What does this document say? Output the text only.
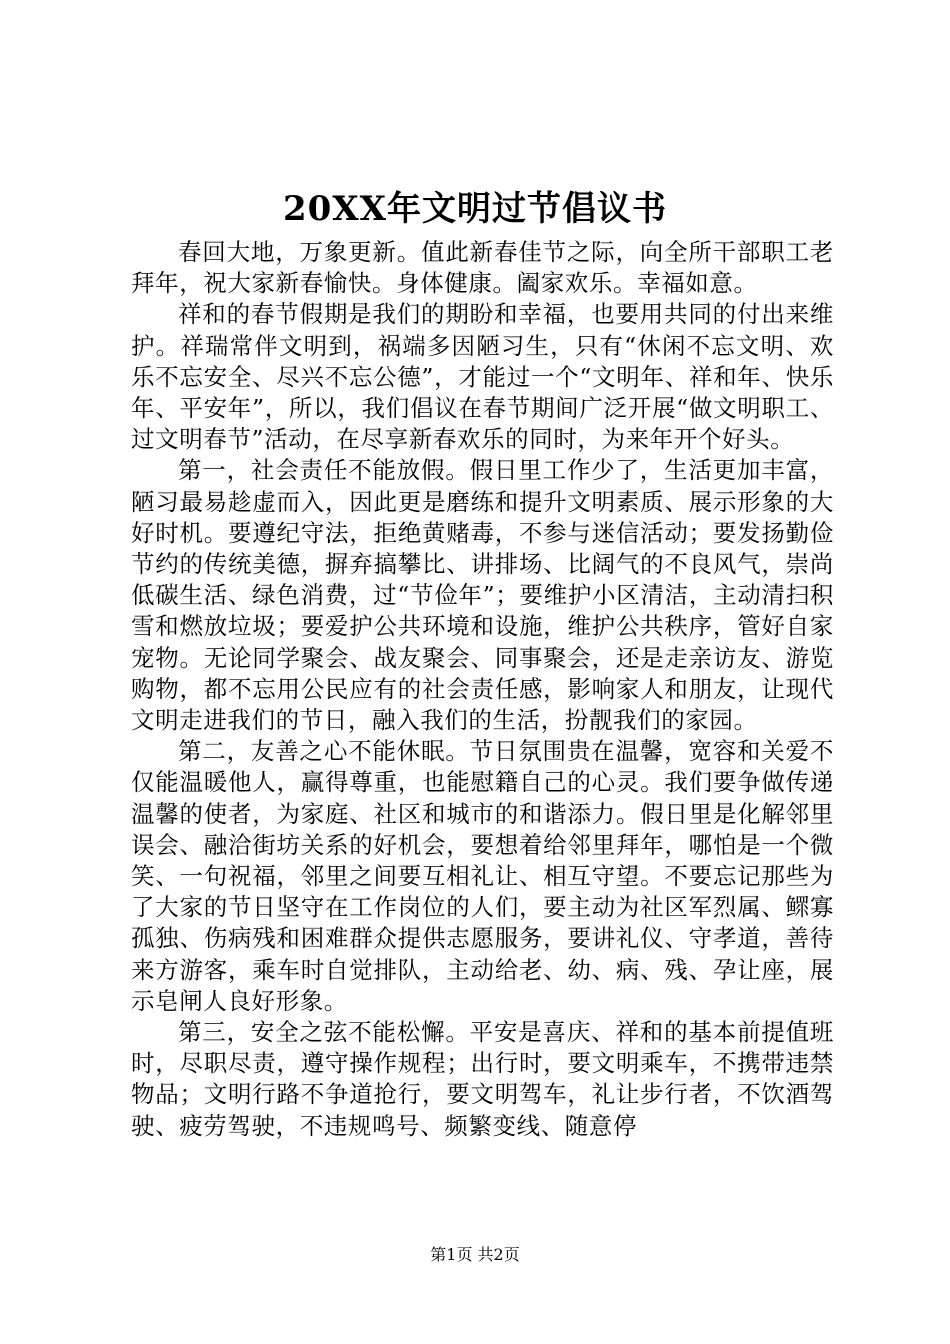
20XX年文明过节倡议书

春回大地，万象更新。值此新春佳节之际，向全所干部职工老拜年，祝大家新春愉快。身体健康。阖家欢乐。幸福如意。

祥和的春节假期是我们的期盼和幸福，也要用共同的付出来维护。祥瑞常伴文明到，祸端多因陋习生，只有“休闲不忘文明、欢乐不忘安全、尽兴不忘公德”，才能过一个“文明年、祥和年、快乐年、平安年”，所以，我们倡议在春节期间广泛开展“做文明职工、过文明春节”活动，在尽享新春欢乐的同时，为来年开个好头。

第一，社会责任不能放假。假日里工作少了，生活更加丰富，陋习最易趁虚而入，因此更是磨练和提升文明素质、展示形象的大好时机。要遵纪守法，拒绝黄赌毒，不参与迷信活动；要发扬勤俭节约的传统美德，摒弃搞攀比、讲排场、比阔气的不良风气，崇尚低碳生活、绿色消费，过“节俭年”；要维护小区清洁，主动清扫积雪和燃放垃圾；要爱护公共环境和设施，维护公共秩序，管好自家宠物。无论同学聚会、战友聚会、同事聚会，还是走亲访友、游览购物，都不忘用公民应有的社会责任感，影响家人和朋友，让现代文明走进我们的节日，融入我们的生活，扮靓我们的家园。

第二，友善之心不能休眠。节日氛围贵在温馨，宽容和关爱不仅能温暖他人，赢得尊重，也能慰籍自己的心灵。我们要争做传递温馨的使者，为家庭、社区和城市的和谐添力。假日里是化解邻里误会、融洽街坊关系的好机会，要想着给邻里拜年，哪怕是一个微笑、一句祝福，邻里之间要互相礼让、相互守望。不要忘记那些为了大家的节日坚守在工作岗位的人们，要主动为社区军烈属、鳏寡孤独、伤病残和困难群众提供志愿服务，要讲礼仪、守孝道，善待来方游客，乘车时自觉排队，主动给老、幼、病、残、孕让座，展示皂闸人良好形象。

第三，安全之弦不能松懈。平安是喜庆、祥和的基本前提值班时，尽职尽责，遵守操作规程；出行时，要文明乘车，不携带违禁物品；文明行路不争道抢行，要文明驾车，礼让步行者，不饮酒驾驶、疲劳驾驶，不违规鸣号、频繁变线、随意停

第1页 共2页
